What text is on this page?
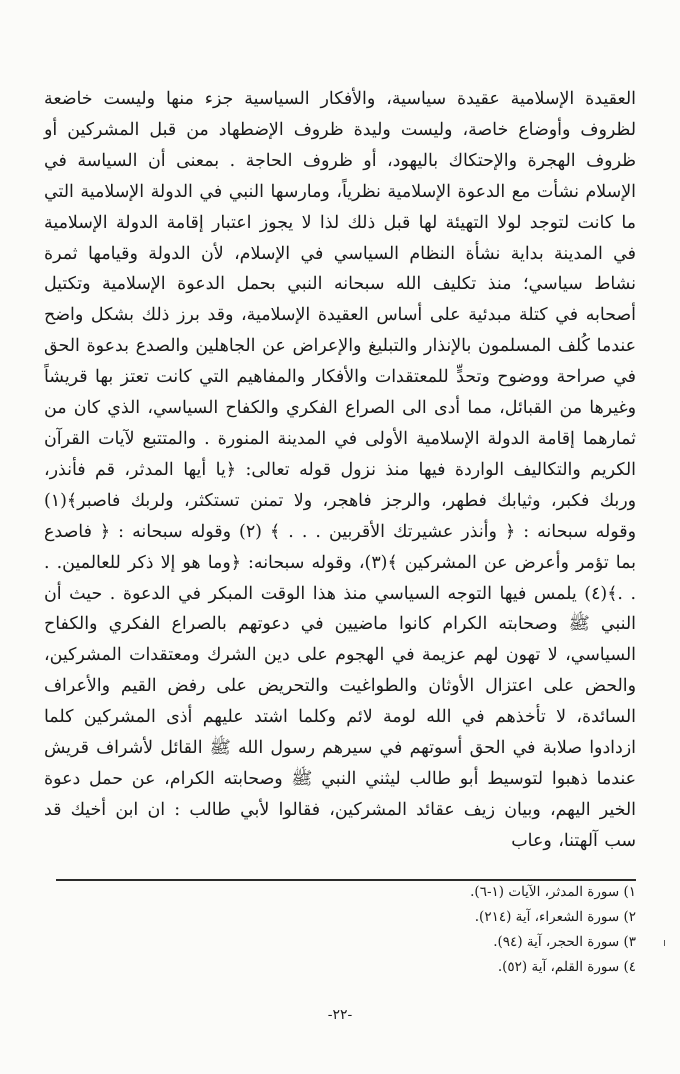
العقيدة الإسلامية عقيدة سياسية، والأفكار السياسية جزء منها وليست خاضعة لظروف وأوضاع خاصة، وليست وليدة ظروف الإضطهاد من قبل المشركين أو ظروف الهجرة والإحتكاك باليهود، أو ظروف الحاجة . بمعنى أن السياسة في الإسلام نشأت مع الدعوة الإسلامية نظرياً، ومارسها النبي في الدولة الإسلامية التي ما كانت لتوجد لولا التهيئة لها قبل ذلك لذا لا يجوز اعتبار إقامة الدولة الإسلامية في المدينة بداية نشأة النظام السياسي في الإسلام، لأن الدولة وقيامها ثمرة نشاط سياسي؛ منذ تكليف الله سبحانه النبي بحمل الدعوة الإسلامية وتكتيل أصحابه في كتلة مبدئية على أساس العقيدة الإسلامية، وقد برز ذلك بشكل واضح عندما كُلف المسلمون بالإنذار والتبليغ والإعراض عن الجاهلين والصدع بدعوة الحق في صراحة ووضوح وتحدٍّ للمعتقدات والأفكار والمفاهيم التي كانت تعتز بها قريشاً وغيرها من القبائل، مما أدى الى الصراع الفكري والكفاح السياسي، الذي كان من ثمارهما إقامة الدولة الإسلامية الأولى في المدينة المنورة . والمتتبع لآيات القرآن الكريم والتكاليف الواردة فيها منذ نزول قوله تعالى: ﴿يا أيها المدثر، قم فأنذر، وربك فكبر، وثيابك فطهر، والرجز فاهجر، ولا تمنن تستكثر، ولربك فاصبر﴾(١) وقوله سبحانه : ﴿ وأنذر عشيرتك الأقربين . . . ﴾ (٢) وقوله سبحانه : ﴿ فاصدع بما تؤمر وأعرض عن المشركين ﴾(٣)، وقوله سبحانه: ﴿وما هو إلا ذكر للعالمين. . . .﴾(٤) يلمس فيها التوجه السياسي منذ هذا الوقت المبكر في الدعوة . حيث أن النبي ﷺ وصحابته الكرام كانوا ماضيين في دعوتهم بالصراع الفكري والكفاح السياسي، لا تهون لهم عزيمة في الهجوم على دين الشرك ومعتقدات المشركين، والحض على اعتزال الأوثان والطواغيت والتحريض على رفض القيم والأعراف السائدة، لا تأخذهم في الله لومة لائم وكلما اشتد عليهم أذى المشركين كلما ازدادوا صلابة في الحق أسوتهم في سيرهم رسول الله ﷺ القائل لأشراف قريش عندما ذهبوا لتوسيط أبو طالب ليثني النبي ﷺ وصحابته الكرام، عن حمل دعوة الخير اليهم، وبيان زيف عقائد المشركين، فقالوا لأبي طالب : ان ابن أخيك قد سب آلهتنا، وعاب

١) سورة المدثر، الآيات (١-٦).
٢) سورة الشعراء، آية (٢١٤).
٣) سورة الحجر، آية (٩٤).
٤) سورة القلم، آية (٥٢).
-٢٢-
